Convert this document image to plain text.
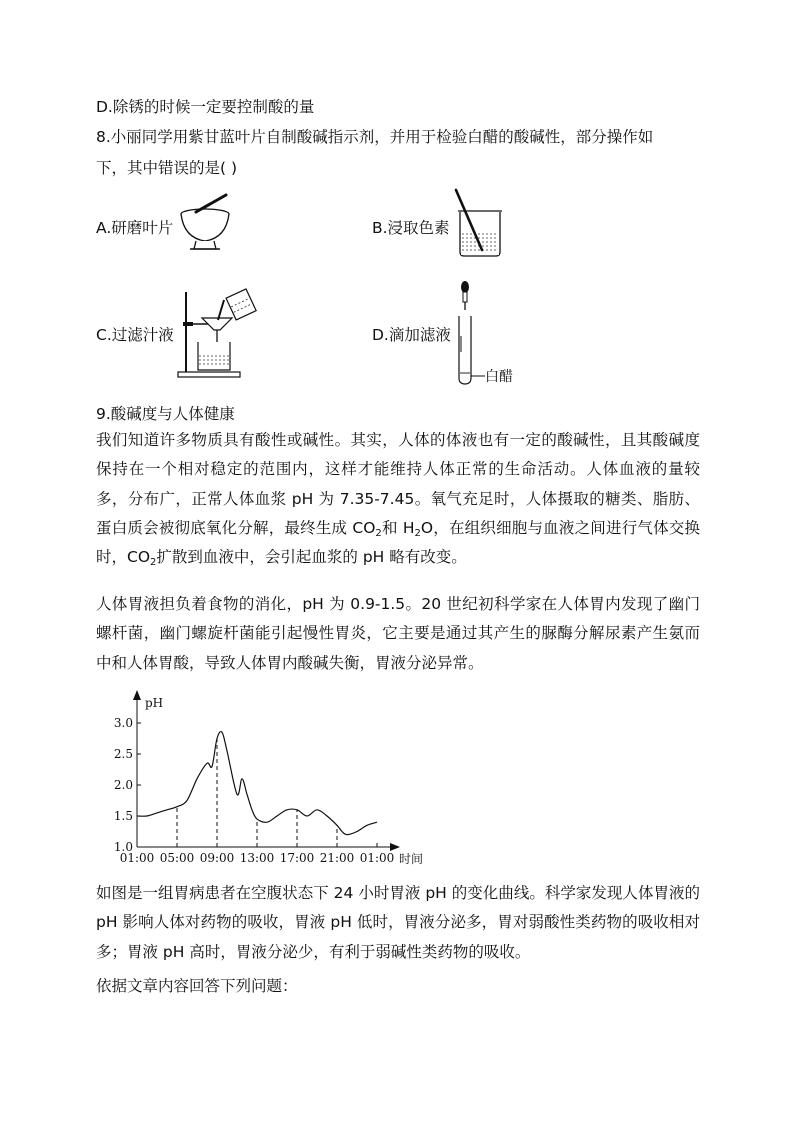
D.除锈的时候一定要控制酸的量
8.小丽同学用紫甘蓝叶片自制酸碱指示剂，并用于检验白醋的酸碱性，部分操作如
下，其中错误的是( )
A.研磨叶片	B.浸取色素
C.过滤汁液	D.滴加滤液
白醋
9.酸碱度与人体健康
我们知道许多物质具有酸性或碱性。其实，人体的体液也有一定的酸碱性，且其酸碱度保持在一个相对稳定的范围内，这样才能维持人体正常的生命活动。人体血液的量较多，分布广，正常人体血浆 pH 为 7.35-7.45。氧气充足时，人体摄取的糖类、脂肪、蛋白质会被彻底氧化分解，最终生成 $CO_2$和 $H_2O$，在组织细胞与血液之间进行气体交换时，$CO_2$扩散到血液中，会引起血浆的 pH 略有改变。
人体胃液担负着食物的消化，pH 为 0.9-1.5。20 世纪初科学家在人体胃内发现了幽门螺杆菌，幽门螺旋杆菌能引起慢性胃炎，它主要是通过其产生的脲酶分解尿素产生氨而中和人体胃酸，导致人体胃内酸碱失衡，胃液分泌异常。
pH
时间
1.0
1.5
2.0
2.5
3.0
01:00 05:00 09:00 13:00 17:00 21:00 01:00
如图是一组胃病患者在空腹状态下 24 小时胃液 pH 的变化曲线。科学家发现人体胃液的 pH 影响人体对药物的吸收，胃液 pH 低时，胃液分泌多，胃对弱酸性类药物的吸收相对多；胃液 pH 高时，胃液分泌少，有利于弱碱性类药物的吸收。
依据文章内容回答下列问题：
